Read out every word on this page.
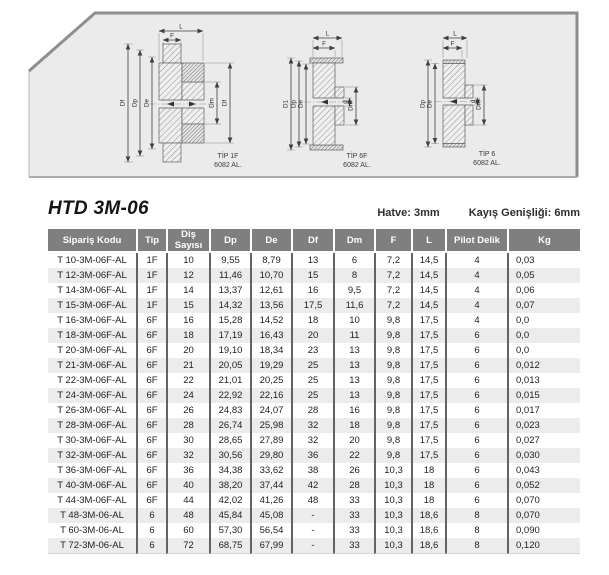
L
F
Df Dp De	Dm Df
TİP 1F
6082 AL.
L
F
D1 Dp De	d
Dm
TİP 6F
6082 AL.
L
F
Dp De	d
Dm
TİP 6
6082 AL.
HTD 3M-06	Hatve: 3mm	Kayış Genişliği: 6mm
Sipariş Kodu	Tip	Diş Sayısı	Dp	De	Df	Dm	F	L	Pilot Delik	Kg
T 10-3M-06F-AL	1F	10	9,55	8,79	13	6	7,2	14,5	4	0,03
T 12-3M-06F-AL	1F	12	11,46	10,70	15	8	7,2	14,5	4	0,05
T 14-3M-06F-AL	1F	14	13,37	12,61	16	9,5	7,2	14,5	4	0,06
T 15-3M-06F-AL	1F	15	14,32	13,56	17,5	11,6	7,2	14,5	4	0,07
T 16-3M-06F-AL	6F	16	15,28	14,52	18	10	9,8	17,5	4	0,0
T 18-3M-06F-AL	6F	18	17,19	16,43	20	11	9,8	17,5	6	0,0
T 20-3M-06F-AL	6F	20	19,10	18,34	23	13	9,8	17,5	6	0,0
T 21-3M-06F-AL	6F	21	20,05	19,29	25	13	9,8	17,5	6	0,012
T 22-3M-06F-AL	6F	22	21,01	20,25	25	13	9,8	17,5	6	0,013
T 24-3M-06F-AL	6F	24	22,92	22,16	25	13	9,8	17,5	6	0,015
T 26-3M-06F-AL	6F	26	24,83	24,07	28	16	9,8	17,5	6	0,017
T 28-3M-06F-AL	6F	28	26,74	25,98	32	18	9,8	17,5	6	0,023
T 30-3M-06F-AL	6F	30	28,65	27,89	32	20	9,8	17,5	6	0,027
T 32-3M-06F-AL	6F	32	30,56	29,80	36	22	9,8	17,5	6	0,030
T 36-3M-06F-AL	6F	36	34,38	33,62	38	26	10,3	18	6	0,043
T 40-3M-06F-AL	6F	40	38,20	37,44	42	28	10,3	18	6	0,052
T 44-3M-06F-AL	6F	44	42,02	41,26	48	33	10,3	18	6	0,070
T 48-3M-06-AL	6	48	45,84	45,08	-	33	10,3	18,6	8	0,070
T 60-3M-06-AL	6	60	57,30	56,54	-	33	10,3	18,6	8	0,090
T 72-3M-06-AL	6	72	68,75	67,99	-	33	10,3	18,6	8	0,120
